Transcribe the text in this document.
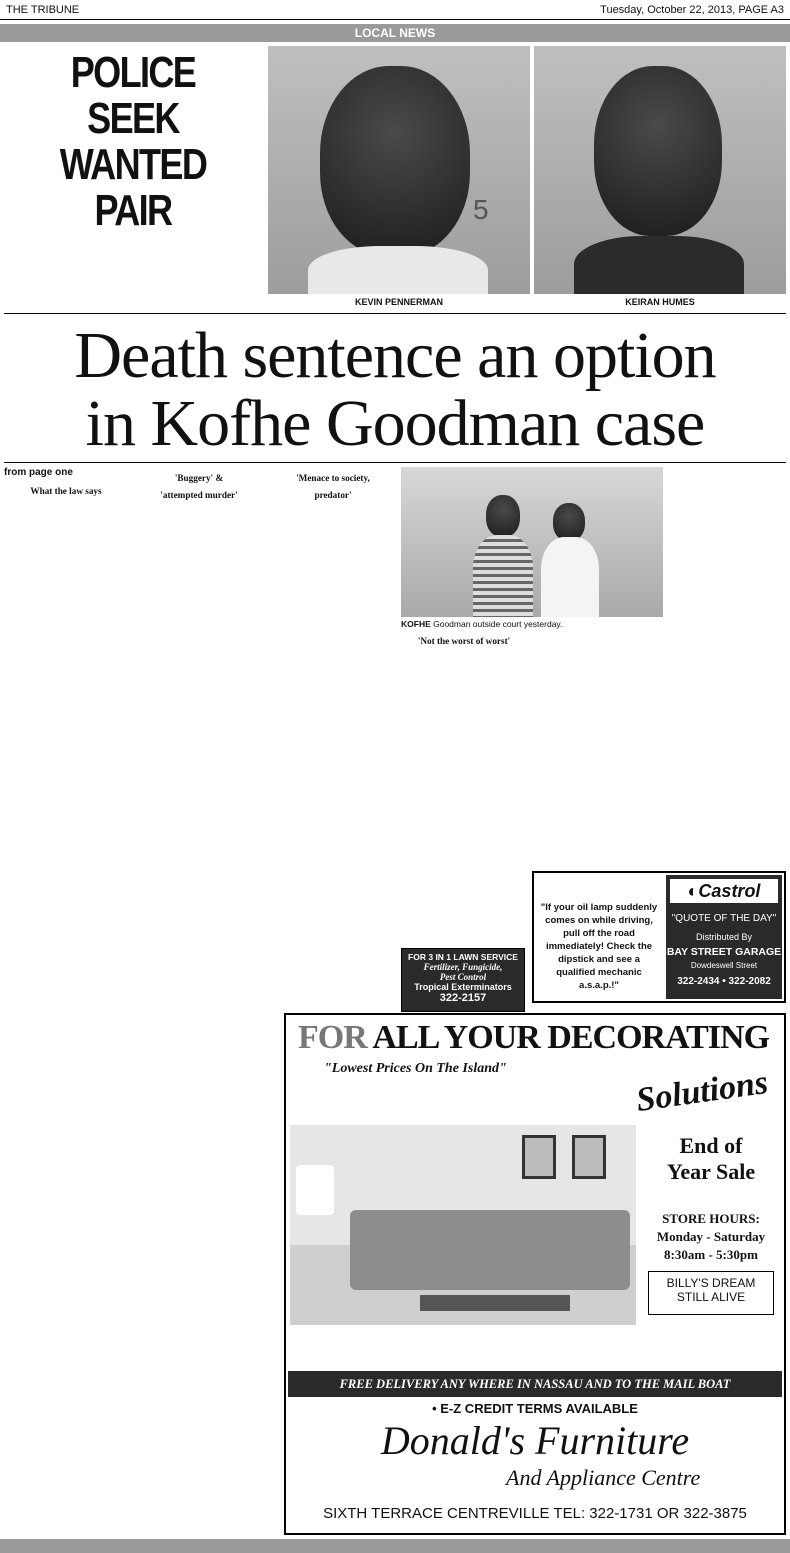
THE TRIBUNE	Tuesday, October 22, 2013, PAGE A3
LOCAL NEWS
POLICE SEEK
WANTED PAIR	5
KEVIN PENNERMAN	KEIRAN HUMES
Death sentence an option
in Kofhe Goodman case
from page one

What the law says

'Buggery' &

'attempted murder'

'Menace to society,

predator'

KOFHE Goodman outside court yesterday.

'Not the worst of worst'

FOR 3 IN 1 LAWN SERVICE
Fertilizer, Fungicide,
Pest Control
Tropical Exterminators
322-2157
"If your oil lamp suddenly comes on while driving, pull off the road immediately! Check the dipstick and see a qualified mechanic a.s.a.p.!"
◐Castrol
"QUOTE OF THE DAY"
Distributed By
BAY STREET GARAGE
Dowdeswell Street
322-2434 • 322-2082
FOR ALL YOUR DECORATING
"Lowest Prices On The Island"	Solutions
End of
Year Sale
STORE HOURS:
Monday - Saturday
8:30am - 5:30pm
BILLY'S DREAM
STILL ALIVE
FREE DELIVERY ANY WHERE IN NASSAU AND TO THE MAIL BOAT
• E-Z CREDIT TERMS AVAILABLE
Donald's Furniture
And Appliance Centre
SIXTH TERRACE CENTREVILLE TEL: 322-1731 OR 322-3875
